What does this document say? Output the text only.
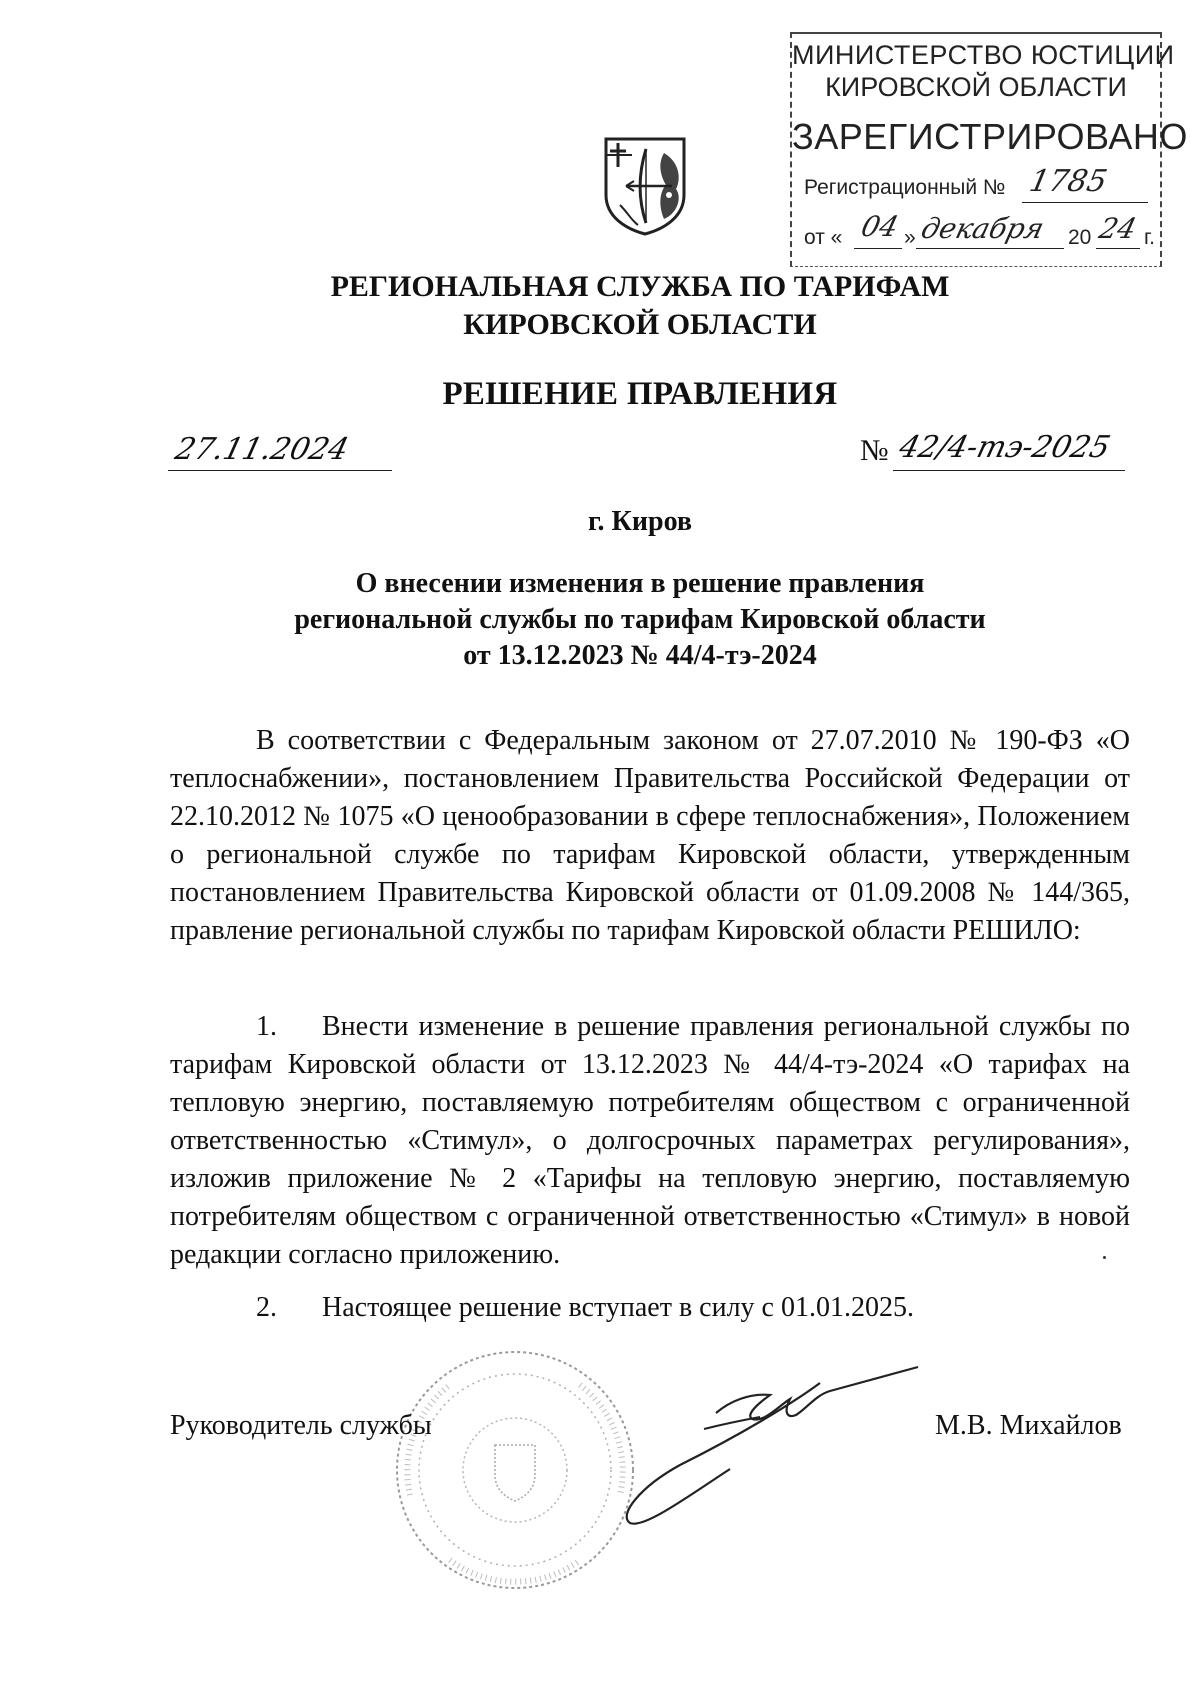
МИНИСТЕРСТВО ЮСТИЦИИ
КИРОВСКОЙ ОБЛАСТИ
ЗАРЕГИСТРИРОВАНО
Регистрационный № 1785
от « 04 » декабря 20 24 г.
РЕГИОНАЛЬНАЯ СЛУЖБА ПО ТАРИФАМ
КИРОВСКОЙ ОБЛАСТИ
РЕШЕНИЕ ПРАВЛЕНИЯ
27.11.2024	№ 42/4-тэ-2025
г. Киров
О внесении изменения в решение правления
региональной службы по тарифам Кировской области
от 13.12.2023 № 44/4-тэ-2024
В соответствии с Федеральным законом от 27.07.2010 № 190-ФЗ «О теплоснабжении», постановлением Правительства Российской Федерации от 22.10.2012 № 1075 «О ценообразовании в сфере теплоснабжения», Положением о региональной службе по тарифам Кировской области, утвержденным постановлением Правительства Кировской области от 01.09.2008 № 144/365, правление региональной службы по тарифам Кировской области РЕШИЛО:
1. Внести изменение в решение правления региональной службы по тарифам Кировской области от 13.12.2023 № 44/4-тэ-2024 «О тарифах на тепловую энергию, поставляемую потребителям обществом с ограниченной ответственностью «Стимул», о долгосрочных параметрах регулирования», изложив приложение № 2 «Тарифы на тепловую энергию, поставляемую потребителям обществом с ограниченной ответственностью «Стимул» в новой редакции согласно приложению.
2. Настоящее решение вступает в силу с 01.01.2025.
Руководитель службы	М.В. Михайлов
